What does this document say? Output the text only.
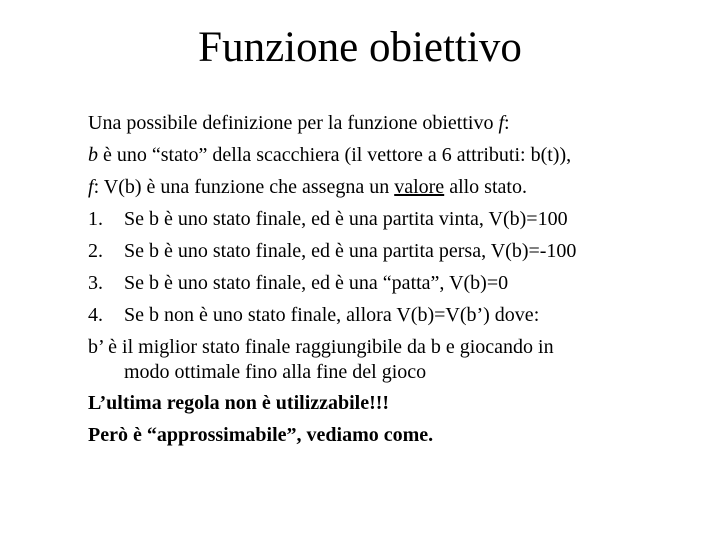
Funzione obiettivo
Una possibile definizione per la funzione obiettivo f:
b è uno “stato” della scacchiera (il vettore a 6 attributi: b(t)),
f: V(b) è una funzione che assegna un valore allo stato.
1. Se b è uno stato finale, ed è una partita vinta, V(b)=100
2. Se b è uno stato finale, ed è una partita persa, V(b)=-100
3. Se b è uno stato finale, ed è una “patta”, V(b)=0
4. Se b non è uno stato finale, allora V(b)=V(b’) dove:
b’ è il miglior stato finale raggiungibile da b e giocando in
modo ottimale fino alla fine del gioco
L’ultima regola non è utilizzabile!!!
Però è “approssimabile”, vediamo come.
